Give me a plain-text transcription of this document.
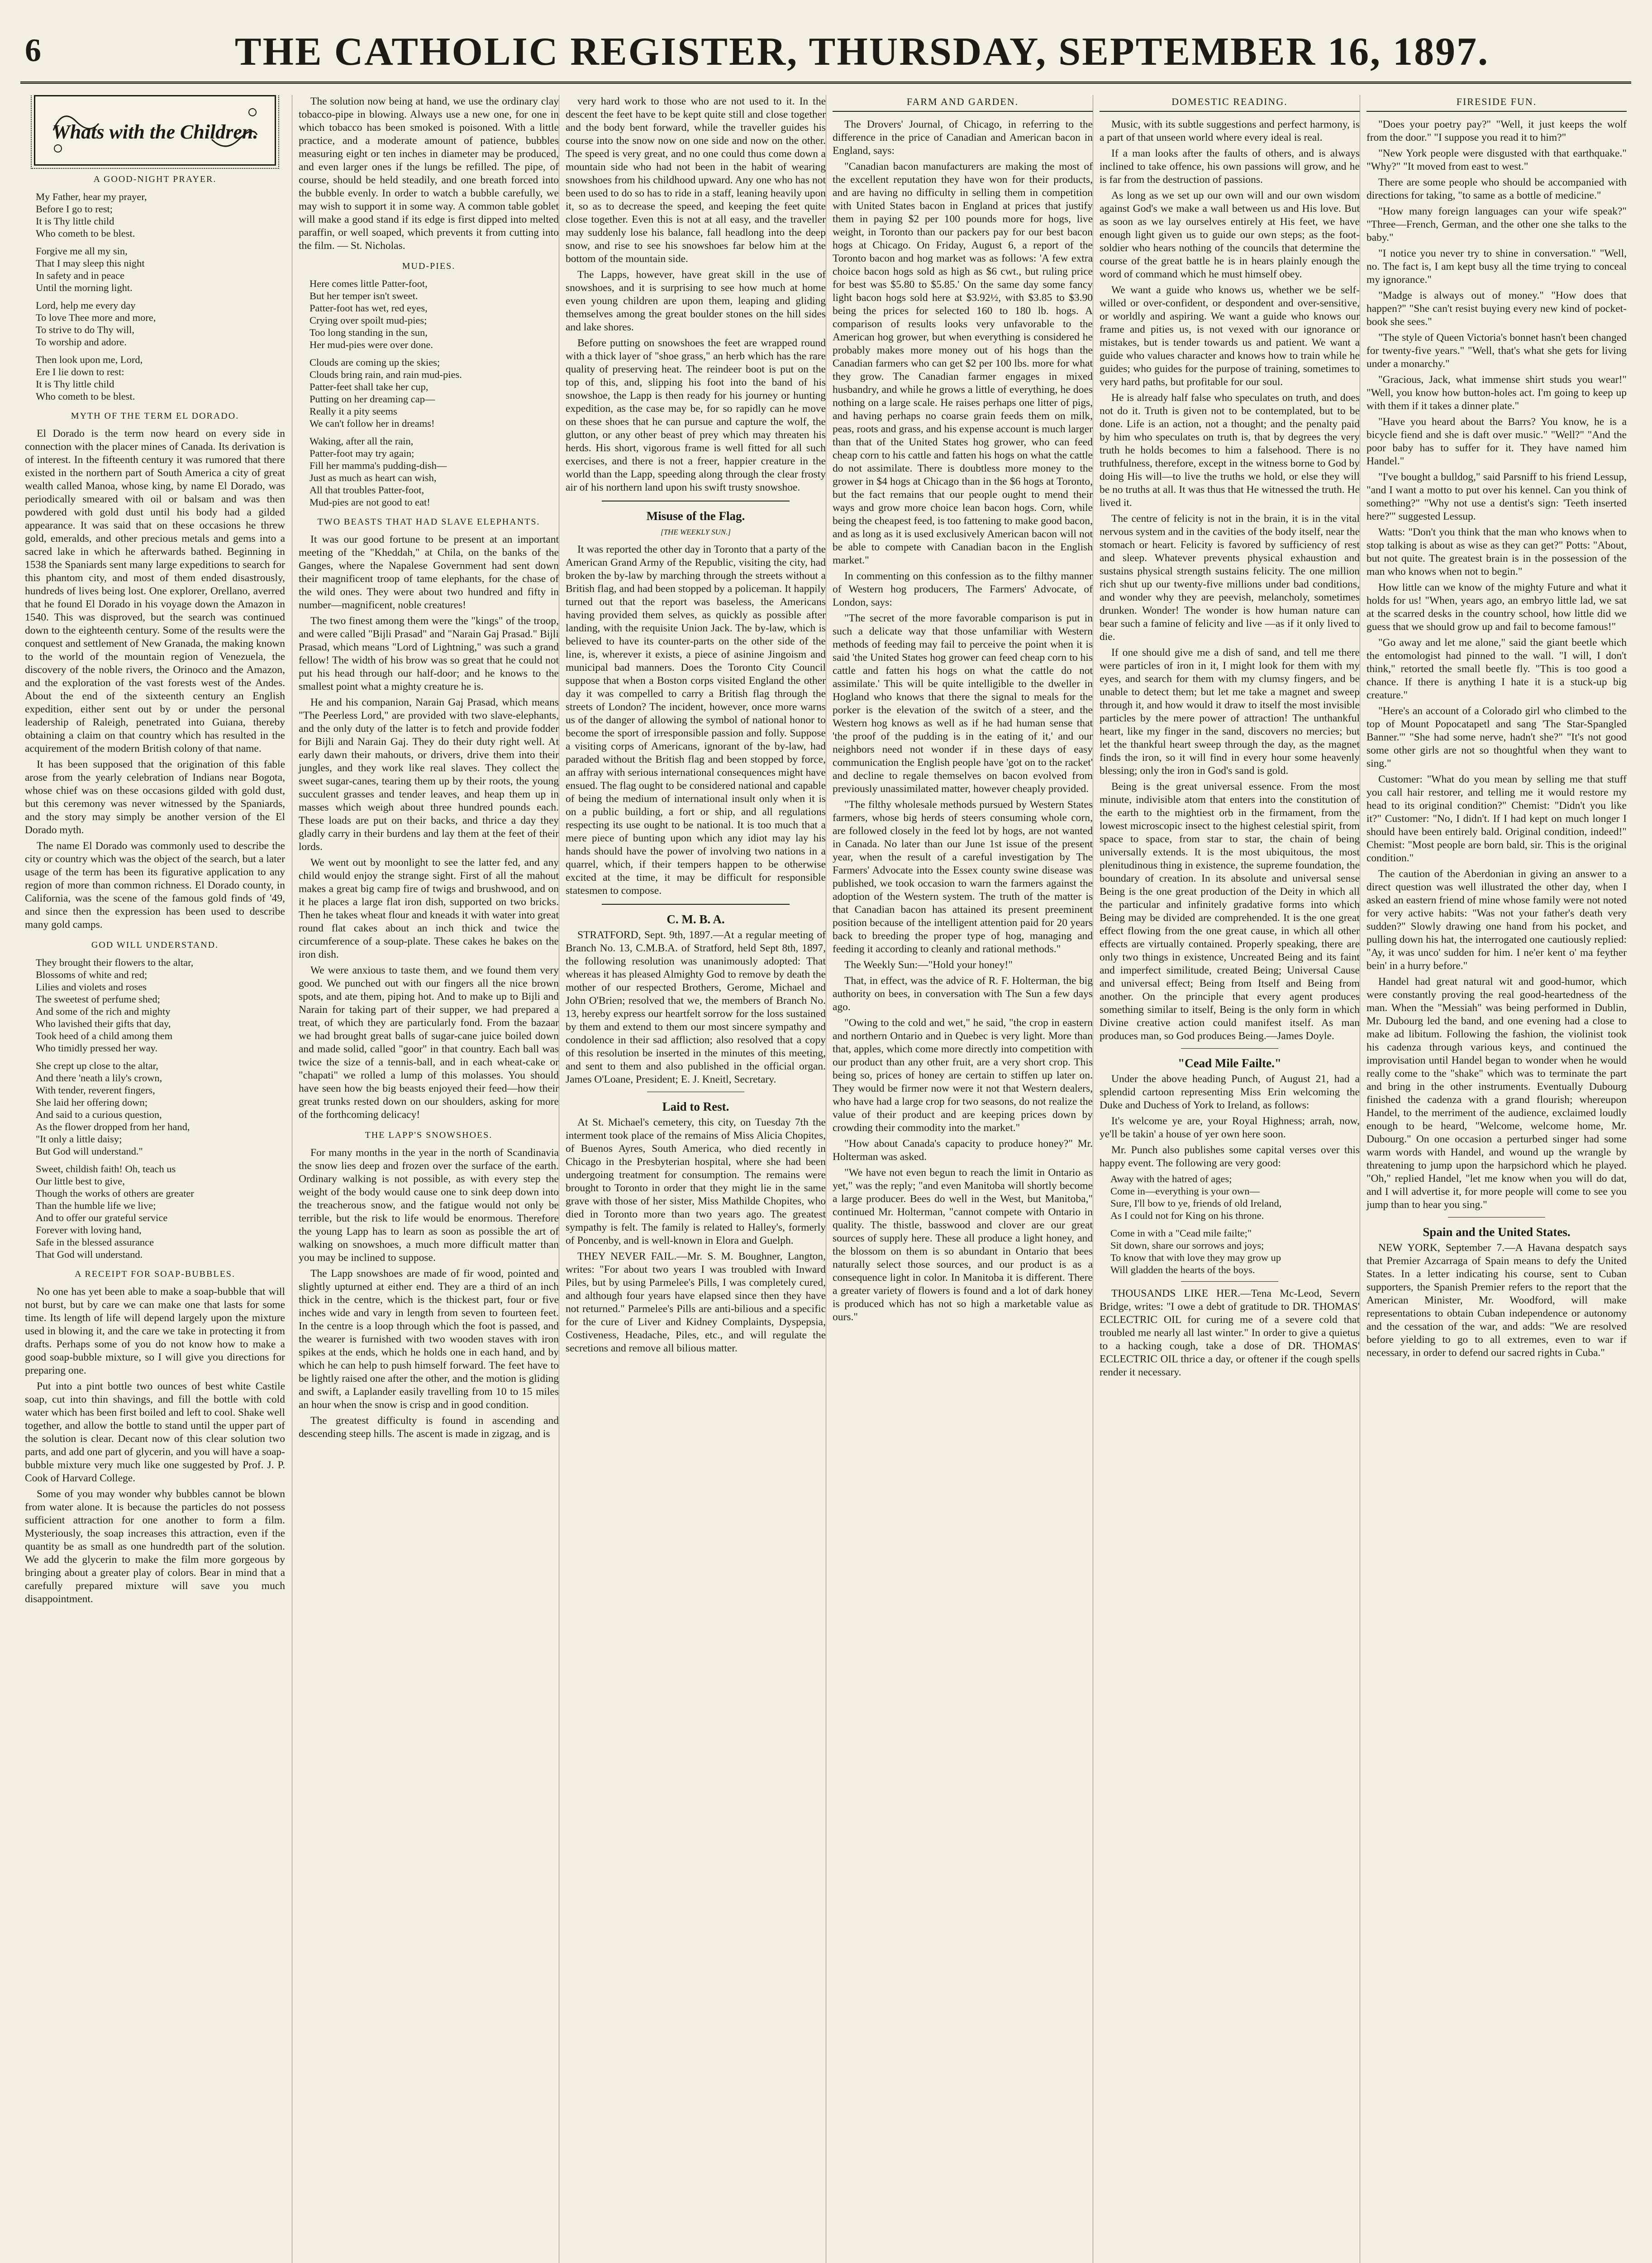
6	THE CATHOLIC REGISTER, THURSDAY, SEPTEMBER 16, 1897.
Whats with the Children.
A GOOD-NIGHT PRAYER.

My Father, hear my prayer,
Before I go to rest;
It is Thy little child
Who cometh to be blest.

Forgive me all my sin,
That I may sleep this night
In safety and in peace
Until the morning light.

Lord, help me every day
To love Thee more and more,
To strive to do Thy will,
To worship and adore.

Then look upon me, Lord,
Ere I lie down to rest:
It is Thy little child
Who cometh to be blest.

MYTH OF THE TERM EL DORADO.

El Dorado is the term now heard on every side in connection with the placer mines of Canada. Its derivation is of interest. In the fifteenth century it was rumored that there existed in the northern part of South America a city of great wealth called Manoa, whose king, by name El Dorado, was periodically smeared with oil or balsam and was then powdered with gold dust until his body had a gilded appearance. It was said that on these occasions he threw gold, emeralds, and other precious metals and gems into a sacred lake in which he afterwards bathed. Beginning in 1538 the Spaniards sent many large expeditions to search for this phantom city, and most of them ended disastrously, hundreds of lives being lost. One explorer, Orellano, averred that he found El Dorado in his voyage down the Amazon in 1540. This was disproved, but the search was continued down to the eighteenth century. Some of the results were the conquest and settlement of New Granada, the making known to the world of the mountain region of Venezuela, the discovery of the noble rivers, the Orinoco and the Amazon, and the exploration of the vast forests west of the Andes. About the end of the sixteenth century an English expedition, either sent out by or under the personal leadership of Raleigh, penetrated into Guiana, thereby obtaining a claim on that country which has resulted in the acquirement of the modern British colony of that name.

It has been supposed that the origination of this fable arose from the yearly celebration of Indians near Bogota, whose chief was on these occasions gilded with gold dust, but this ceremony was never witnessed by the Spaniards, and the story may simply be another version of the El Dorado myth.

The name El Dorado was commonly used to describe the city or country which was the object of the search, but a later usage of the term has been its figurative application to any region of more than common richness. El Dorado county, in California, was the scene of the famous gold finds of '49, and since then the expression has been used to describe many gold camps.

GOD WILL UNDERSTAND.

They brought their flowers to the altar,
Blossoms of white and red;
Lilies and violets and roses
The sweetest of perfume shed;
And some of the rich and mighty
Who lavished their gifts that day,
Took heed of a child among them
Who timidly pressed her way.

She crept up close to the altar,
And there 'neath a lily's crown,
With tender, reverent fingers,
She laid her offering down;
And said to a curious question,
As the flower dropped from her hand,
"It only a little daisy;
But God will understand."

Sweet, childish faith! Oh, teach us
Our little best to give,
Though the works of others are greater
Than the humble life we live;
And to offer our grateful service
Forever with loving hand,
Safe in the blessed assurance
That God will understand.

A RECEIPT FOR SOAP-BUBBLES.

No one has yet been able to make a soap-bubble that will not burst, but by care we can make one that lasts for some time. Its length of life will depend largely upon the mixture used in blowing it, and the care we take in protecting it from drafts. Perhaps some of you do not know how to make a good soap-bubble mixture, so I will give you directions for preparing one.

Put into a pint bottle two ounces of best white Castile soap, cut into thin shavings, and fill the bottle with cold water which has been first boiled and left to cool. Shake well together, and allow the bottle to stand until the upper part of the solution is clear. Decant now of this clear solution two parts, and add one part of glycerin, and you will have a soap-bubble mixture very much like one suggested by Prof. J. P. Cook of Harvard College.

Some of you may wonder why bubbles cannot be blown from water alone. It is because the particles do not possess sufficient attraction for one another to form a film. Mysteriously, the soap increases this attraction, even if the quantity be as small as one hundredth part of the solution. We add the glycerin to make the film more gorgeous by bringing about a greater play of colors. Bear in mind that a carefully prepared mixture will save you much disappointment.

The solution now being at hand, we use the ordinary clay tobacco-pipe in blowing. Always use a new one, for one in which tobacco has been smoked is poisoned. With a little practice, and a moderate amount of patience, bubbles measuring eight or ten inches in diameter may be produced, and even larger ones if the lungs be refilled. The pipe, of course, should be held steadily, and one breath forced into the bubble evenly. In order to watch a bubble carefully, we may wish to support it in some way. A common table goblet will make a good stand if its edge is first dipped into melted paraffin, or well soaped, which prevents it from cutting into the film. — St. Nicholas.

MUD-PIES.

Here comes little Patter-foot,
But her temper isn't sweet.
Patter-foot has wet, red eyes,
Crying over spoilt mud-pies;
Too long standing in the sun,
Her mud-pies were over done.

Clouds are coming up the skies;
Clouds bring rain, and rain mud-pies.
Patter-feet shall take her cup,
Putting on her dreaming cap—
Really it a pity seems
We can't follow her in dreams!

Waking, after all the rain,
Patter-foot may try again;
Fill her mamma's pudding-dish—
Just as much as heart can wish,
All that troubles Patter-foot,
Mud-pies are not good to eat!

TWO BEASTS THAT HAD SLAVE ELEPHANTS.

It was our good fortune to be present at an important meeting of the "Kheddah," at Chila, on the banks of the Ganges, where the Napalese Government had sent down their magnificent troop of tame elephants, for the chase of the wild ones. They were about two hundred and fifty in number—magnificent, noble creatures!

The two finest among them were the "kings" of the troop, and were called "Bijli Prasad" and "Narain Gaj Prasad." Bijli Prasad, which means "Lord of Lightning," was such a grand fellow! The width of his brow was so great that he could not put his head through our half-door; and he knows to the smallest point what a mighty creature he is.

He and his companion, Narain Gaj Prasad, which means "The Peerless Lord," are provided with two slave-elephants, and the only duty of the latter is to fetch and provide fodder for Bijli and Narain Gaj. They do their duty right well. At early dawn their mahouts, or drivers, drive them into their jungles, and they work like real slaves. They collect the sweet sugar-canes, tearing them up by their roots, the young succulent grasses and tender leaves, and heap them up in masses which weigh about three hundred pounds each. These loads are put on their backs, and thrice a day they gladly carry in their burdens and lay them at the feet of their lords.

We went out by moonlight to see the latter fed, and any child would enjoy the strange sight. First of all the mahout makes a great big camp fire of twigs and brushwood, and on it he places a large flat iron dish, supported on two bricks. Then he takes wheat flour and kneads it with water into great round flat cakes about an inch thick and twice the circumference of a soup-plate. These cakes he bakes on the iron dish.

We were anxious to taste them, and we found them very good. We punched out with our fingers all the nice brown spots, and ate them, piping hot. And to make up to Bijli and Narain for taking part of their supper, we had prepared a treat, of which they are particularly fond. From the bazaar we had brought great balls of sugar-cane juice boiled down and made solid, called "goor" in that country. Each ball was twice the size of a tennis-ball, and in each wheat-cake or "chapati" we rolled a lump of this molasses. You should have seen how the big beasts enjoyed their feed—how their great trunks rested down on our shoulders, asking for more of the forthcoming delicacy!

THE LAPP'S SNOWSHOES.

For many months in the year in the north of Scandinavia the snow lies deep and frozen over the surface of the earth. Ordinary walking is not possible, as with every step the weight of the body would cause one to sink deep down into the treacherous snow, and the fatigue would not only be terrible, but the risk to life would be enormous. Therefore the young Lapp has to learn as soon as possible the art of walking on snowshoes, a much more difficult matter than you may be inclined to suppose.

The Lapp snowshoes are made of fir wood, pointed and slightly upturned at either end. They are a third of an inch thick in the centre, which is the thickest part, four or five inches wide and vary in length from seven to fourteen feet. In the centre is a loop through which the foot is passed, and the wearer is furnished with two wooden staves with iron spikes at the ends, which he holds one in each hand, and by which he can help to push himself forward. The feet have to be lightly raised one after the other, and the motion is gliding and swift, a Laplander easily travelling from 10 to 15 miles an hour when the snow is crisp and in good condition.

The greatest difficulty is found in ascending and descending steep hills. The ascent is made in zigzag, and is

very hard work to those who are not used to it. In the descent the feet have to be kept quite still and close together and the body bent forward, while the traveller guides his course into the snow now on one side and now on the other. The speed is very great, and no one could thus come down a mountain side who had not been in the habit of wearing snowshoes from his childhood upward. Any one who has not been used to do so has to ride in a staff, leaning heavily upon it, so as to decrease the speed, and keeping the feet quite close together. Even this is not at all easy, and the traveller may suddenly lose his balance, fall headlong into the deep snow, and rise to see his snowshoes far below him at the bottom of the mountain side.

The Lapps, however, have great skill in the use of snowshoes, and it is surprising to see how much at home even young children are upon them, leaping and gliding themselves among the great boulder stones on the hill sides and lake shores.

Before putting on snowshoes the feet are wrapped round with a thick layer of "shoe grass," an herb which has the rare quality of preserving heat. The reindeer boot is put on the top of this, and, slipping his foot into the band of his snowshoe, the Lapp is then ready for his journey or hunting expedition, as the case may be, for so rapidly can he move on these shoes that he can pursue and capture the wolf, the glutton, or any other beast of prey which may threaten his herds. His short, vigorous frame is well fitted for all such exercises, and there is not a freer, happier creature in the world than the Lapp, speeding along through the clear frosty air of his northern land upon his swift trusty snowshoe.

Misuse of the Flag.
[THE WEEKLY SUN.]

It was reported the other day in Toronto that a party of the American Grand Army of the Republic, visiting the city, had broken the by-law by marching through the streets without a British flag, and had been stopped by a policeman. It happily turned out that the report was baseless, the Americans having provided them selves, as quickly as possible after landing, with the requisite Union Jack. The by-law, which is believed to have its counter-parts on the other side of the line, is, wherever it exists, a piece of asinine Jingoism and municipal bad manners. Does the Toronto City Council suppose that when a Boston corps visited England the other day it was compelled to carry a British flag through the streets of London? The incident, however, once more warns us of the danger of allowing the symbol of national honor to become the sport of irresponsible passion and folly. Suppose a visiting corps of Americans, ignorant of the by-law, had paraded without the British flag and been stopped by force, an affray with serious international consequences might have ensued. The flag ought to be considered national and capable of being the medium of international insult only when it is on a public building, a fort or ship, and all regulations respecting its use ought to be national. It is too much that a mere piece of bunting upon which any idiot may lay his hands should have the power of involving two nations in a quarrel, which, if their tempers happen to be otherwise excited at the time, it may be difficult for responsible statesmen to compose.

C. M. B. A.

STRATFORD, Sept. 9th, 1897.—At a regular meeting of Branch No. 13, C.M.B.A. of Stratford, held Sept 8th, 1897, the following resolution was unanimously adopted: That whereas it has pleased Almighty God to remove by death the mother of our respected Brothers, Gerome, Michael and John O'Brien; resolved that we, the members of Branch No. 13, hereby express our heartfelt sorrow for the loss sustained by them and extend to them our most sincere sympathy and condolence in their sad affliction; also resolved that a copy of this resolution be inserted in the minutes of this meeting, and sent to them and also published in the official organ. James O'Loane, President; E. J. Kneitl, Secretary.

Laid to Rest.

At St. Michael's cemetery, this city, on Tuesday 7th the interment took place of the remains of Miss Alicia Chopites, of Buenos Ayres, South America, who died recently in Chicago in the Presbyterian hospital, where she had been undergoing treatment for consumption. The remains were brought to Toronto in order that they might lie in the same grave with those of her sister, Miss Mathilde Chopites, who died in Toronto more than two years ago. The greatest sympathy is felt. The family is related to Halley's, formerly of Poncenby, and is well-known in Elora and Guelph.

THEY NEVER FAIL.—Mr. S. M. Boughner, Langton, writes: "For about two years I was troubled with Inward Piles, but by using Parmelee's Pills, I was completely cured, and although four years have elapsed since then they have not returned." Parmelee's Pills are anti-bilious and a specific for the cure of Liver and Kidney Complaints, Dyspepsia, Costiveness, Headache, Piles, etc., and will regulate the secretions and remove all bilious matter.

FARM AND GARDEN.

The Drovers' Journal, of Chicago, in referring to the difference in the price of Canadian and American bacon in England, says:

"Canadian bacon manufacturers are making the most of the excellent reputation they have won for their products, and are having no difficulty in selling them in competition with United States bacon in England at prices that justify them in paying $2 per 100 pounds more for hogs, live weight, in Toronto than our packers pay for our best bacon hogs at Chicago. On Friday, August 6, a report of the Toronto bacon and hog market was as follows: 'A few extra choice bacon hogs sold as high as $6 cwt., but ruling price for best was $5.80 to $5.85.' On the same day some fancy light bacon hogs sold here at $3.92½, with $3.85 to $3.90 being the prices for selected 160 to 180 lb. hogs. A comparison of results looks very unfavorable to the American hog grower, but when everything is considered he probably makes more money out of his hogs than the Canadian farmers who can get $2 per 100 lbs. more for what they grow. The Canadian farmer engages in mixed husbandry, and while he grows a little of everything, he does nothing on a large scale. He raises perhaps one litter of pigs, and having perhaps no coarse grain feeds them on milk, peas, roots and grass, and his expense account is much larger than that of the United States hog grower, who can feed cheap corn to his cattle and fatten his hogs on what the cattle do not assimilate. There is doubtless more money to the grower in $4 hogs at Chicago than in the $6 hogs at Toronto, but the fact remains that our people ought to mend their ways and grow more choice lean bacon hogs. Corn, while being the cheapest feed, is too fattening to make good bacon, and as long as it is used exclusively American bacon will not be able to compete with Canadian bacon in the English market."

In commenting on this confession as to the filthy manner of Western hog producers, The Farmers' Advocate, of London, says:

"The secret of the more favorable comparison is put in such a delicate way that those unfamiliar with Western methods of feeding may fail to perceive the point when it is said 'the United States hog grower can feed cheap corn to his cattle and fatten his hogs on what the cattle do not assimilate.' This will be quite intelligible to the dweller in Hogland who knows that there the signal to meals for the porker is the elevation of the switch of a steer, and the Western hog knows as well as if he had human sense that 'the proof of the pudding is in the eating of it,' and our neighbors need not wonder if in these days of easy communication the English people have 'got on to the racket' and decline to regale themselves on bacon evolved from previously unassimilated matter, however cheaply provided.

"The filthy wholesale methods pursued by Western States farmers, whose big herds of steers consuming whole corn, are followed closely in the feed lot by hogs, are not wanted in Canada. No later than our June 1st issue of the present year, when the result of a careful investigation by The Farmers' Advocate into the Essex county swine disease was published, we took occasion to warn the farmers against the adoption of the Western system. The truth of the matter is that Canadian bacon has attained its present preeminent position because of the intelligent attention paid for 20 years back to breeding the proper type of hog, managing and feeding it according to cleanly and rational methods."

The Weekly Sun:—"Hold your honey!"

That, in effect, was the advice of R. F. Holterman, the big authority on bees, in conversation with The Sun a few days ago.

"Owing to the cold and wet," he said, "the crop in eastern and northern Ontario and in Quebec is very light. More than that, apples, which come more directly into competition with our product than any other fruit, are a very short crop. This being so, prices of honey are certain to stiffen up later on. They would be firmer now were it not that Western dealers, who have had a large crop for two seasons, do not realize the value of their product and are keeping prices down by crowding their commodity into the market."

"How about Canada's capacity to produce honey?" Mr. Holterman was asked.

"We have not even begun to reach the limit in Ontario as yet," was the reply; "and even Manitoba will shortly become a large producer. Bees do well in the West, but Manitoba," continued Mr. Holterman, "cannot compete with Ontario in quality. The thistle, basswood and clover are our great sources of supply here. These all produce a light honey, and the blossom on them is so abundant in Ontario that bees naturally select those sources, and our product is as a consequence light in color. In Manitoba it is different. There a greater variety of flowers is found and a lot of dark honey is produced which has not so high a marketable value as ours."

DOMESTIC READING.

Music, with its subtle suggestions and perfect harmony, is a part of that unseen world where every ideal is real.

If a man looks after the faults of others, and is always inclined to take offence, his own passions will grow, and he is far from the destruction of passions.

As long as we set up our own will and our own wisdom against God's we make a wall between us and His love. But as soon as we lay ourselves entirely at His feet, we have enough light given us to guide our own steps; as the foot-soldier who hears nothing of the councils that determine the course of the great battle he is in hears plainly enough the word of command which he must himself obey.

We want a guide who knows us, whether we be self-willed or over-confident, or despondent and over-sensitive, or worldly and aspiring. We want a guide who knows our frame and pities us, is not vexed with our ignorance or mistakes, but is tender towards us and patient. We want a guide who values character and knows how to train while he guides; who guides for the purpose of training, sometimes to very hard paths, but profitable for our soul.

He is already half false who speculates on truth, and does not do it. Truth is given not to be contemplated, but to be done. Life is an action, not a thought; and the penalty paid by him who speculates on truth is, that by degrees the very truth he holds becomes to him a falsehood. There is no truthfulness, therefore, except in the witness borne to God by doing His will—to live the truths we hold, or else they will be no truths at all. It was thus that He witnessed the truth. He lived it.

The centre of felicity is not in the brain, it is in the vital nervous system and in the cavities of the body itself, near the stomach or heart. Felicity is favored by sufficiency of rest and sleep. Whatever prevents physical exhaustion and sustains physical strength sustains felicity. The one million rich shut up our twenty-five millions under bad conditions, and wonder why they are peevish, melancholy, sometimes drunken. Wonder! The wonder is how human nature can bear such a famine of felicity and live —as if it only lived to die.

If one should give me a dish of sand, and tell me there were particles of iron in it, I might look for them with my eyes, and search for them with my clumsy fingers, and be unable to detect them; but let me take a magnet and sweep through it, and how would it draw to itself the most invisible particles by the mere power of attraction! The unthankful heart, like my finger in the sand, discovers no mercies; but let the thankful heart sweep through the day, as the magnet finds the iron, so it will find in every hour some heavenly blessing; only the iron in God's sand is gold.

Being is the great universal essence. From the most minute, indivisible atom that enters into the constitution of the earth to the mightiest orb in the firmament, from the lowest microscopic insect to the highest celestial spirit, from space to space, from star to star, the chain of being universally extends. It is the most ubiquitous, the most plenitudinous thing in existence, the supreme foundation, the boundary of creation. In its absolute and universal sense Being is the one great production of the Deity in which all the particular and infinitely gradative forms into which Being may be divided are comprehended. It is the one great effect flowing from the one great cause, in which all other effects are virtually contained. Properly speaking, there are only two things in existence, Uncreated Being and its faint and imperfect similitude, created Being; Universal Cause and universal effect; Being from Itself and Being from another. On the principle that every agent produces something similar to itself, Being is the only form in which Divine creative action could manifest itself. As man produces man, so God produces Being.—James Doyle.

"Cead Mile Failte."

Under the above heading Punch, of August 21, had a splendid cartoon representing Miss Erin welcoming the Duke and Duchess of York to Ireland, as follows:

It's welcome ye are, your Royal Highness; arrah, now, ye'll be takin' a house of yer own here soon.

Mr. Punch also publishes some capital verses over this happy event. The following are very good:

Away with the hatred of ages;
Come in—everything is your own—
Sure, I'll bow to ye, friends of old Ireland,
As I could not for King on his throne.

Come in with a "Cead mile failte;"
Sit down, share our sorrows and joys;
To know that with love they may grow up
Will gladden the hearts of the boys.

THOUSANDS LIKE HER.—Tena Mc-Leod, Severn Bridge, writes: "I owe a debt of gratitude to DR. THOMAS' ECLECTRIC OIL for curing me of a severe cold that troubled me nearly all last winter." In order to give a quietus to a hacking cough, take a dose of DR. THOMAS' ECLECTRIC OIL thrice a day, or oftener if the cough spells render it necessary.

FIRESIDE FUN.

"Does your poetry pay?" "Well, it just keeps the wolf from the door." "I suppose you read it to him?"

"New York people were disgusted with that earthquake." "Why?" "It moved from east to west."

There are some people who should be accompanied with directions for taking, "to same as a bottle of medicine."

"How many foreign languages can your wife speak?" "Three—French, German, and the other one she talks to the baby."

"I notice you never try to shine in conversation." "Well, no. The fact is, I am kept busy all the time trying to conceal my ignorance."

"Madge is always out of money." "How does that happen?" "She can't resist buying every new kind of pocket-book she sees."

"The style of Queen Victoria's bonnet hasn't been changed for twenty-five years." "Well, that's what she gets for living under a monarchy."

"Gracious, Jack, what immense shirt studs you wear!" "Well, you know how button-holes act. I'm going to keep up with them if it takes a dinner plate."

"Have you heard about the Barrs? You know, he is a bicycle fiend and she is daft over music." "Well?" "And the poor baby has to suffer for it. They have named him Handel."

"I've bought a bulldog," said Parsniff to his friend Lessup, "and I want a motto to put over his kennel. Can you think of something?" "Why not use a dentist's sign: 'Teeth inserted here?'" suggested Lessup.

Watts: "Don't you think that the man who knows when to stop talking is about as wise as they can get?" Potts: "About, but not quite. The greatest brain is in the possession of the man who knows when not to begin."

How little can we know of the mighty Future and what it holds for us! "When, years ago, an embryo little lad, we sat at the scarred desks in the country school, how little did we guess that we should grow up and fail to become famous!"

"Go away and let me alone," said the giant beetle which the entomologist had pinned to the wall. "I will, I don't think," retorted the small beetle fly. "This is too good a chance. If there is anything I hate it is a stuck-up big creature."

"Here's an account of a Colorado girl who climbed to the top of Mount Popocatapetl and sang 'The Star-Spangled Banner.'" "She had some nerve, hadn't she?" "It's not good some other girls are not so thoughtful when they want to sing."

Customer: "What do you mean by selling me that stuff you call hair restorer, and telling me it would restore my head to its original condition?" Chemist: "Didn't you like it?" Customer: "No, I didn't. If I had kept on much longer I should have been entirely bald. Original condition, indeed!" Chemist: "Most people are born bald, sir. This is the original condition."

The caution of the Aberdonian in giving an answer to a direct question was well illustrated the other day, when I asked an eastern friend of mine whose family were not noted for very active habits: "Was not your father's death very sudden?" Slowly drawing one hand from his pocket, and pulling down his hat, the interrogated one cautiously replied: "Ay, it was unco' sudden for him. I ne'er kent o' ma feyther bein' in a hurry before."

Handel had great natural wit and good-humor, which were constantly proving the real good-heartedness of the man. When the "Messiah" was being performed in Dublin, Mr. Dubourg led the band, and one evening had a close to make ad libitum. Following the fashion, the violinist took his cadenza through various keys, and continued the improvisation until Handel began to wonder when he would really come to the "shake" which was to terminate the part and bring in the other instruments. Eventually Dubourg finished the cadenza with a grand flourish; whereupon Handel, to the merriment of the audience, exclaimed loudly enough to be heard, "Welcome, welcome home, Mr. Dubourg." On one occasion a perturbed singer had some warm words with Handel, and wound up the wrangle by threatening to jump upon the harpsichord which he played. "Oh," replied Handel, "let me know when you will do dat, and I will advertise it, for more people will come to see you jump than to hear you sing."

Spain and the United States.

NEW YORK, September 7.—A Havana despatch says that Premier Azcarraga of Spain means to defy the United States. In a letter indicating his course, sent to Cuban supporters, the Spanish Premier refers to the report that the American Minister, Mr. Woodford, will make representations to obtain Cuban independence or autonomy and the cessation of the war, and adds: "We are resolved before yielding to go to all extremes, even to war if necessary, in order to defend our sacred rights in Cuba."
